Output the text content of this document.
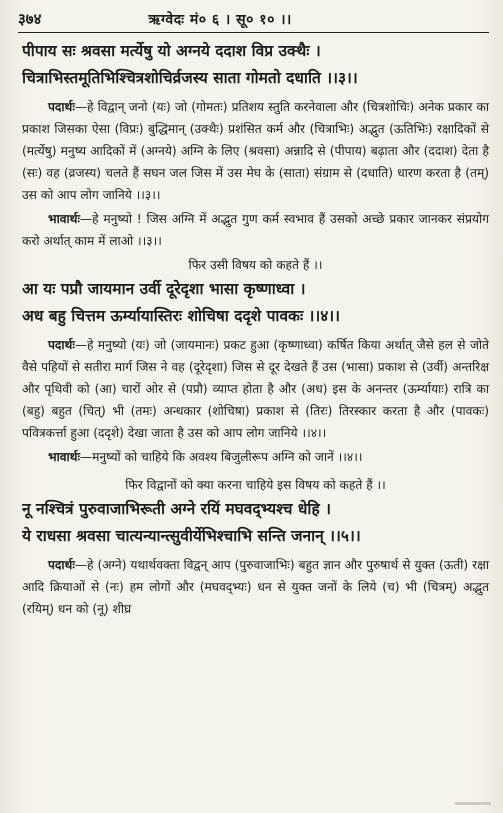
३७४	ऋग्वेदः मं० ६ । सू० १० ।।

पीपाय सः श्रवसा मर्त्येषु यो अग्नये ददाश विप्र उक्थैः ।

चित्राभिस्तमूतिभिश्चित्रशोचिर्व्रजस्य साता गोमतो दधाति ।।३।।

पदार्थः—हे विद्वान् जनो (यः) जो (गोमतः) प्रतिशय स्तुति करनेवाला और (चित्रशोचिः) अनेक प्रकार का प्रकाश जिसका ऐसा (विप्रः) बुद्धिमान् (उक्थैः) प्रशंसित कर्म और (चित्राभिः) अद्भुत (ऊतिभिः) रक्षादिकों से (मर्त्येषु) मनुष्य आदिकों में (अग्नये) अग्नि के लिए (श्रवसा) अन्नादि से (पीपाय) बढ़ाता और (ददाश) देता है (सः) वह (व्रजस्य) चलते हैं सघन जल जिस में उस मेघ के (साता) संग्राम से (दधाति) धारण करता है (तम्) उस को आप लोग जानिये ।।३।।

भावार्थः—हे मनुष्यो ! जिस अग्नि में अद्भुत गुण कर्म स्वभाव हैं उसको अच्छे प्रकार जानकर संप्रयोग करो अर्थात् काम में लाओ ।।३।।

फिर उसी विषय को कहते हैं ।।

आ यः पप्रौ जायमान उर्वी दूरेदृशा भासा कृष्णाध्वा ।

अध बहु चित्तम ऊर्म्यायास्तिरः शोचिषा ददृशे पावकः ।।४।।

पदार्थः—हे मनुष्यो (यः) जो (जायमानः) प्रकट हुआ (कृष्णाध्वा) कर्षित किया अर्थात् जैसे हल से जोते वैसे पहियों से सतीरा मार्ग जिस ने वह (दूरेदृशा) जिस से दूर देखते हैं उस (भासा) प्रकाश से (उर्वी) अन्तरिक्ष और पृथिवी को (आ) चारों ओर से (पप्रौ) व्याप्त होता है और (अध) इस के अनन्तर (ऊर्म्यायाः) रात्रि का (बहु) बहुत (चित्) भी (तमः) अन्धकार (शोचिषा) प्रकाश से (तिरः) तिरस्कार करता है और (पावकः) पवित्रकर्त्ता हुआ (ददृशे) देखा जाता है उस को आप लोग जानिये ।।४।।

भावार्थः—मनुष्यों को चाहिये कि अवश्य बिजुलीरूप अग्नि को जानें ।।४।।

फिर विद्वानों को क्या करना चाहिये इस विषय को कहते हैं ।।

नू नश्चित्रं पुरुवाजाभिरूती अग्ने रयिं मघवद्भ्यश्च धेहि ।

ये राधसा श्रवसा चात्यन्यान्त्सुवीर्येभिश्चाभि सन्ति जनान् ।।५।।

पदार्थः—हे (अग्ने) यथार्थवक्ता विद्वन् आप (पुरुवाजाभिः) बहुत ज्ञान और पुरुषार्थ से युक्त (ऊती) रक्षा आदि क्रियाओं से (नः) हम लोगों और (मघवद्भ्यः) धन से युक्त जनों के लिये (च) भी (चित्रम्) अद्भुत (रयिम्) धन को (नू) शीघ्र
